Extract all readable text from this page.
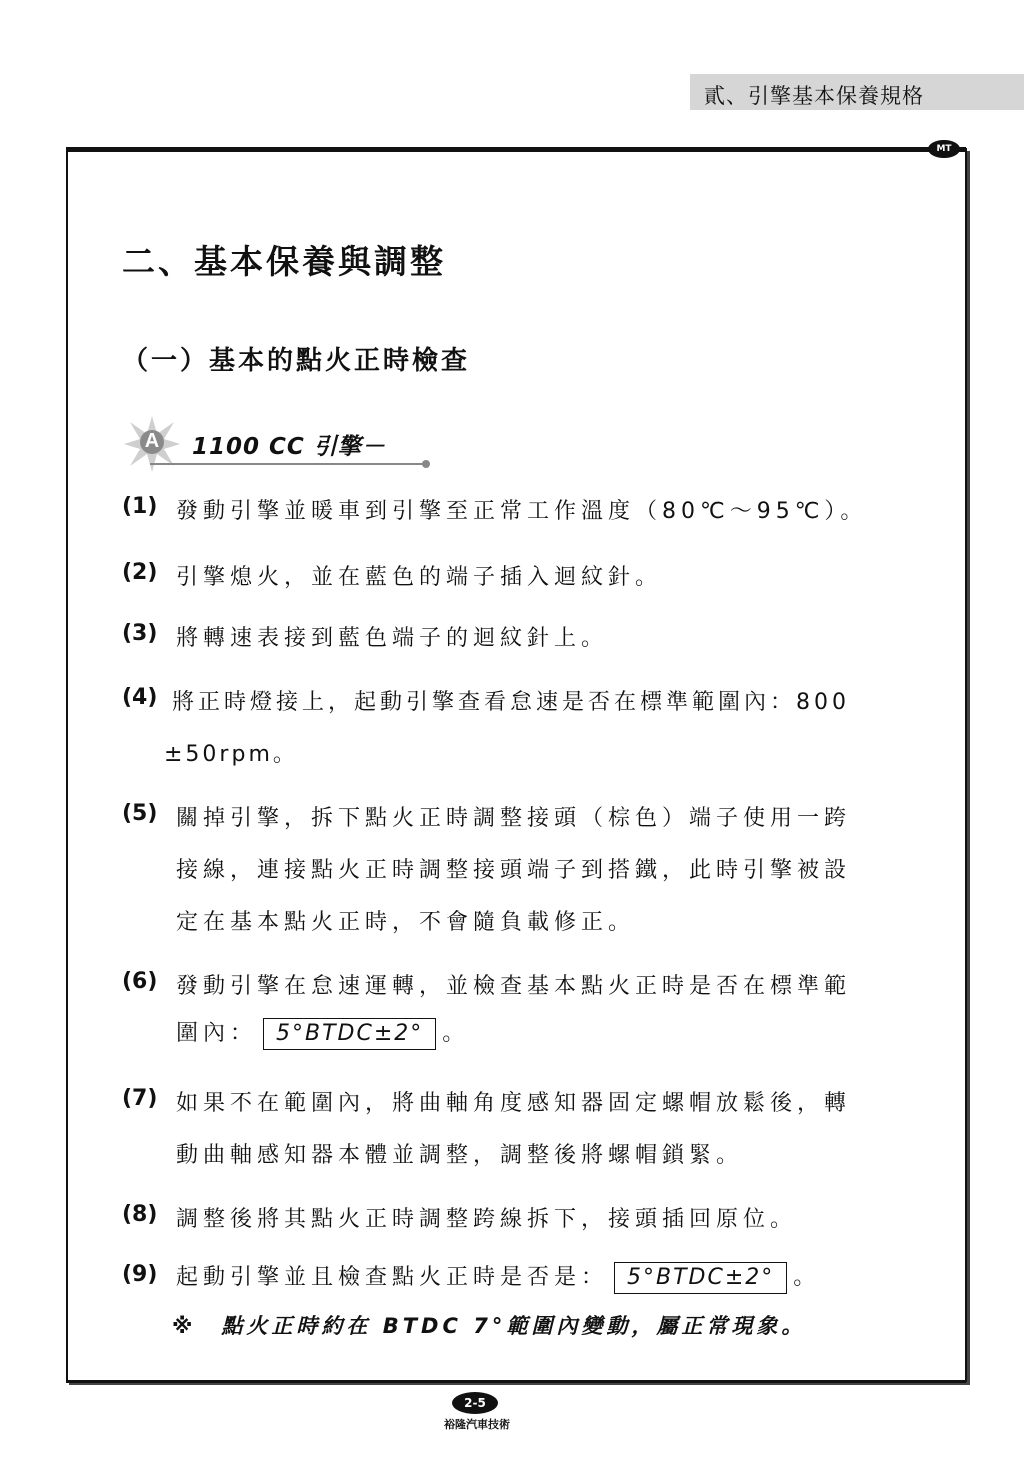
貳、引擎基本保養規格
MT
二、基本保養與調整
（一）基本的點火正時檢查
A 1100 CC 引擎－
(1) 發動引擎並暖車到引擎至正常工作溫度（80℃～95℃）。
(2) 引擎熄火，並在藍色的端子插入迴紋針。
(3) 將轉速表接到藍色端子的迴紋針上。
(4) 將正時燈接上，起動引擎查看怠速是否在標準範圍內：800
±50rpm。
(5) 關掉引擎，拆下點火正時調整接頭（棕色）端子使用一跨
接線，連接點火正時調整接頭端子到搭鐵，此時引擎被設
定在基本點火正時，不會隨負載修正。
(6) 發動引擎在怠速運轉，並檢查基本點火正時是否在標準範
圍內： 5°BTDC±2° 。
(7) 如果不在範圍內，將曲軸角度感知器固定螺帽放鬆後，轉
動曲軸感知器本體並調整，調整後將螺帽鎖緊。
(8) 調整後將其點火正時調整跨線拆下，接頭插回原位。
(9) 起動引擎並且檢查點火正時是否是： 5°BTDC±2° 。
※　點火正時約在 BTDC 7°範圍內變動，屬正常現象。
2-5
裕隆汽車技術
